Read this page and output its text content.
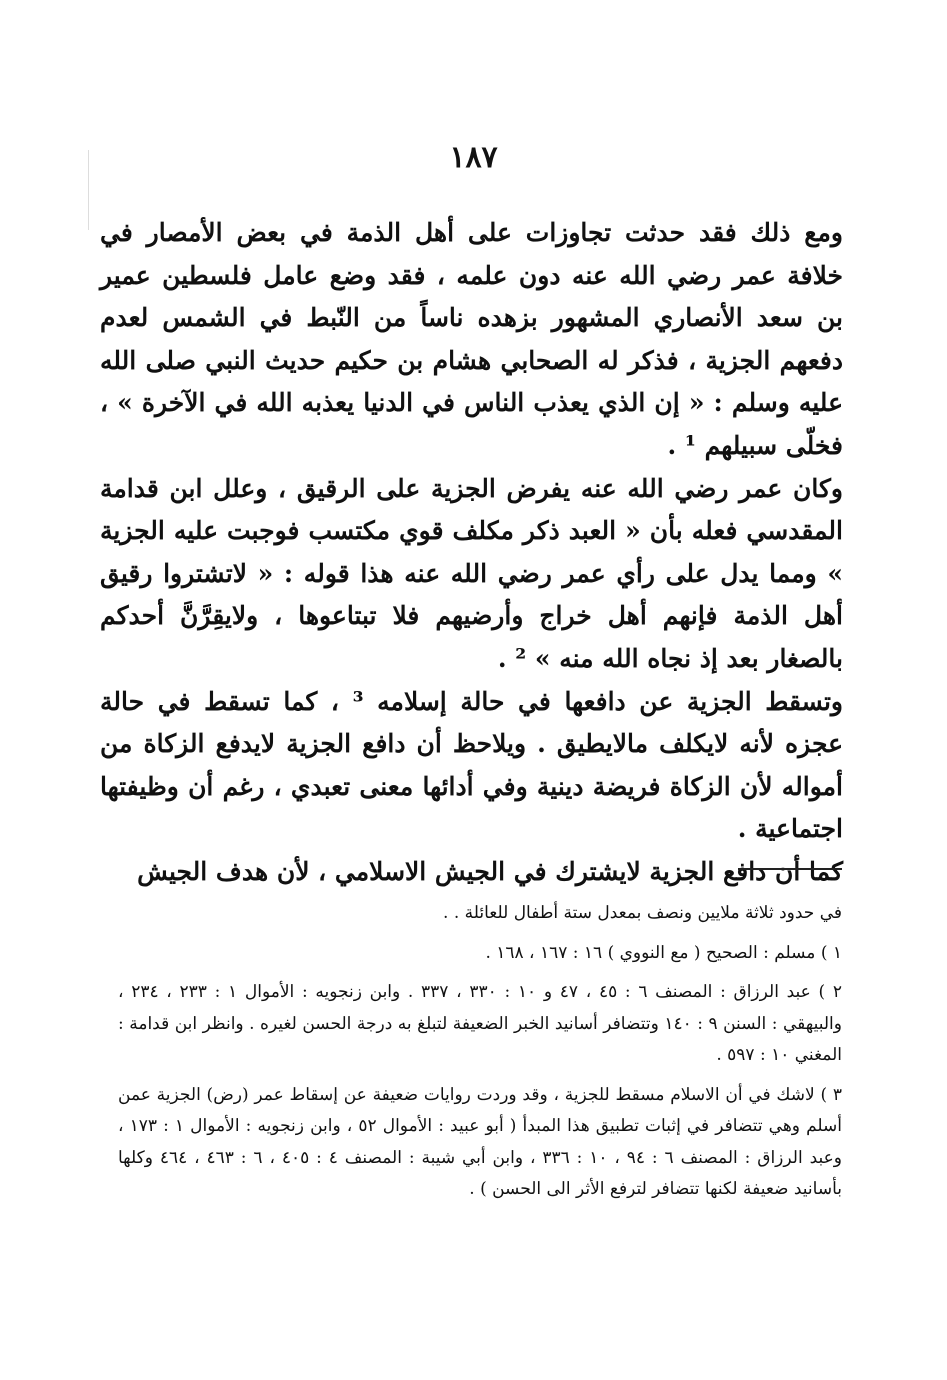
١٨٧

ومع ذلك فقد حدثت تجاوزات على أهل الذمة في بعض الأمصار في خلافة عمر رضي الله عنه دون علمه ، فقد وضع عامل فلسطين عمير بن سعد الأنصاري المشهور بزهده ناساً من النّبط في الشمس لعدم دفعهم الجزية ، فذكر له الصحابي هشام بن حكيم حديث النبي صلى الله عليه وسلم : « إن الذي يعذب الناس في الدنيا يعذبه الله في الآخرة » ، فخلّى سبيلهم ¹ .

وكان عمر رضي الله عنه يفرض الجزية على الرقيق ، وعلل ابن قدامة المقدسي فعله بأن « العبد ذكر مكلف قوي مكتسب فوجبت عليه الجزية » ومما يدل على رأي عمر رضي الله عنه هذا قوله : « لاتشتروا رقيق أهل الذمة فإنهم أهل خراج وأرضيهم فلا تبتاعوها ، ولايقِرَّنَّ أحدكم بالصغار بعد إذ نجاه الله منه » ² .

وتسقط الجزية عن دافعها في حالة إسلامه ³ ، كما تسقط في حالة عجزه لأنه لايكلف مالايطيق . ويلاحظ أن دافع الجزية لايدفع الزكاة من أمواله لأن الزكاة فريضة دينية وفي أدائها معنى تعبدي ، رغم أن وظيفتها اجتماعية .

كما أن دافع الجزية لايشترك في الجيش الاسلامي ، لأن هدف الجيش

في حدود ثلاثة ملايين ونصف بمعدل ستة أطفال للعائلة . .

١ ) مسلم : الصحيح ( مع النووي ) ١٦ : ١٦٧ ، ١٦٨ .

٢ ) عبد الرزاق : المصنف ٦ : ٤٥ ، ٤٧ و ١٠ : ٣٣٠ ، ٣٣٧ . وابن زنجويه : الأموال ١ : ٢٣٣ ، ٢٣٤ ، والبيهقي : السنن ٩ : ١٤٠ وتتضافر أسانيد الخبر الضعيفة لتبلغ به درجة الحسن لغيره . وانظر ابن قدامة : المغني ١٠ : ٥٩٧ .

٣ ) لاشك في أن الاسلام مسقط للجزية ، وقد وردت روايات ضعيفة عن إسقاط عمر (رض) الجزية عمن أسلم وهي تتضافر في إثبات تطبيق هذا المبدأ ( أبو عبيد : الأموال ٥٢ ، وابن زنجويه : الأموال ١ : ١٧٣ ، وعبد الرزاق : المصنف ٦ : ٩٤ ، ١٠ : ٣٣٦ ، وابن أبي شيبة : المصنف ٤ : ٤٠٥ ، ٦ : ٤٦٣ ، ٤٦٤ وكلها بأسانيد ضعيفة لكنها تتضافر لترفع الأثر الى الحسن ) .
